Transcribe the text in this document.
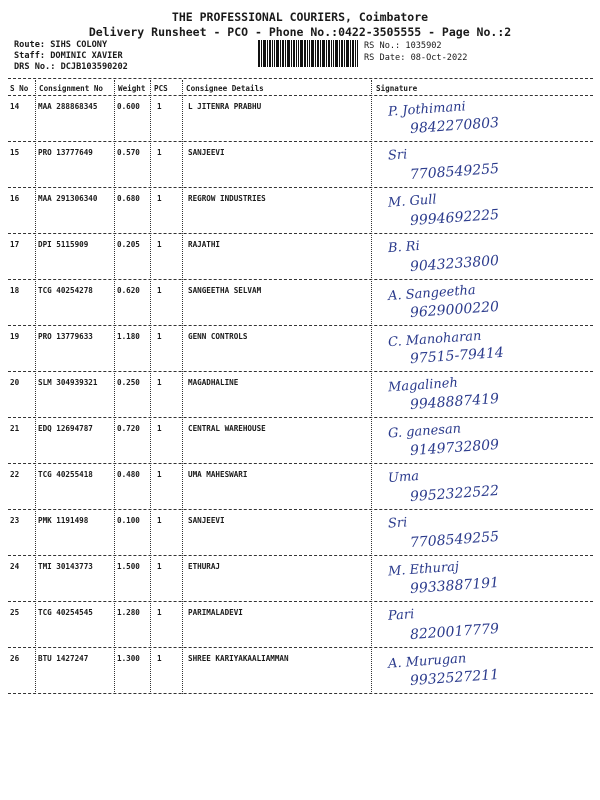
THE PROFESSIONAL COURIERS, Coimbatore
Delivery Runsheet - PCO - Phone No.:0422-3505555 - Page No.:2
Route: SIHS COLONY
Staff: DOMINIC XAVIER
DRS No.: DCJB103590202
RS No.: 1035902
RS Date: 08-Oct-2022
S No Consignment No Weight PCS Consignee Details	Signature
14 MAA 288868345	0.600 1	L JITENRA PRABHU	P. Jothimani
9842270803
15 PRO 13777649	0.570 1	SANJEEVI	Sri
7708549255
16 MAA 291306340	0.680 1	REGROW INDUSTRIES	M. Gull
9994692225
17 DPI 5115909	0.205 1	RAJATHI	B. Ri
9043233800
18 TCG 40254278	0.620 1	SANGEETHA SELVAM	A. Sangeetha
9629000220
19 PRO 13779633	1.180 1	GENN CONTROLS	C. Manoharan
97515-79414
20 SLM 304939321	0.250 1	MAGADHALINE	Magalineh
9948887419
21 EDQ 12694787	0.720 1	CENTRAL WAREHOUSE	G. ganesan
9149732809
22 TCG 40255418	0.480 1	UMA MAHESWARI	Uma
9952322522
23 PMK 1191498	0.100 1	SANJEEVI	Sri
7708549255
24 TMI 30143773	1.500 1	ETHURAJ	M. Ethuraj
9933887191
25 TCG 40254545	1.280 1	PARIMALADEVI	Pari
8220017779
26 BTU 1427247	1.300 1	SHREE KARIYAKAALIAMMAN	A. Murugan
9932527211
